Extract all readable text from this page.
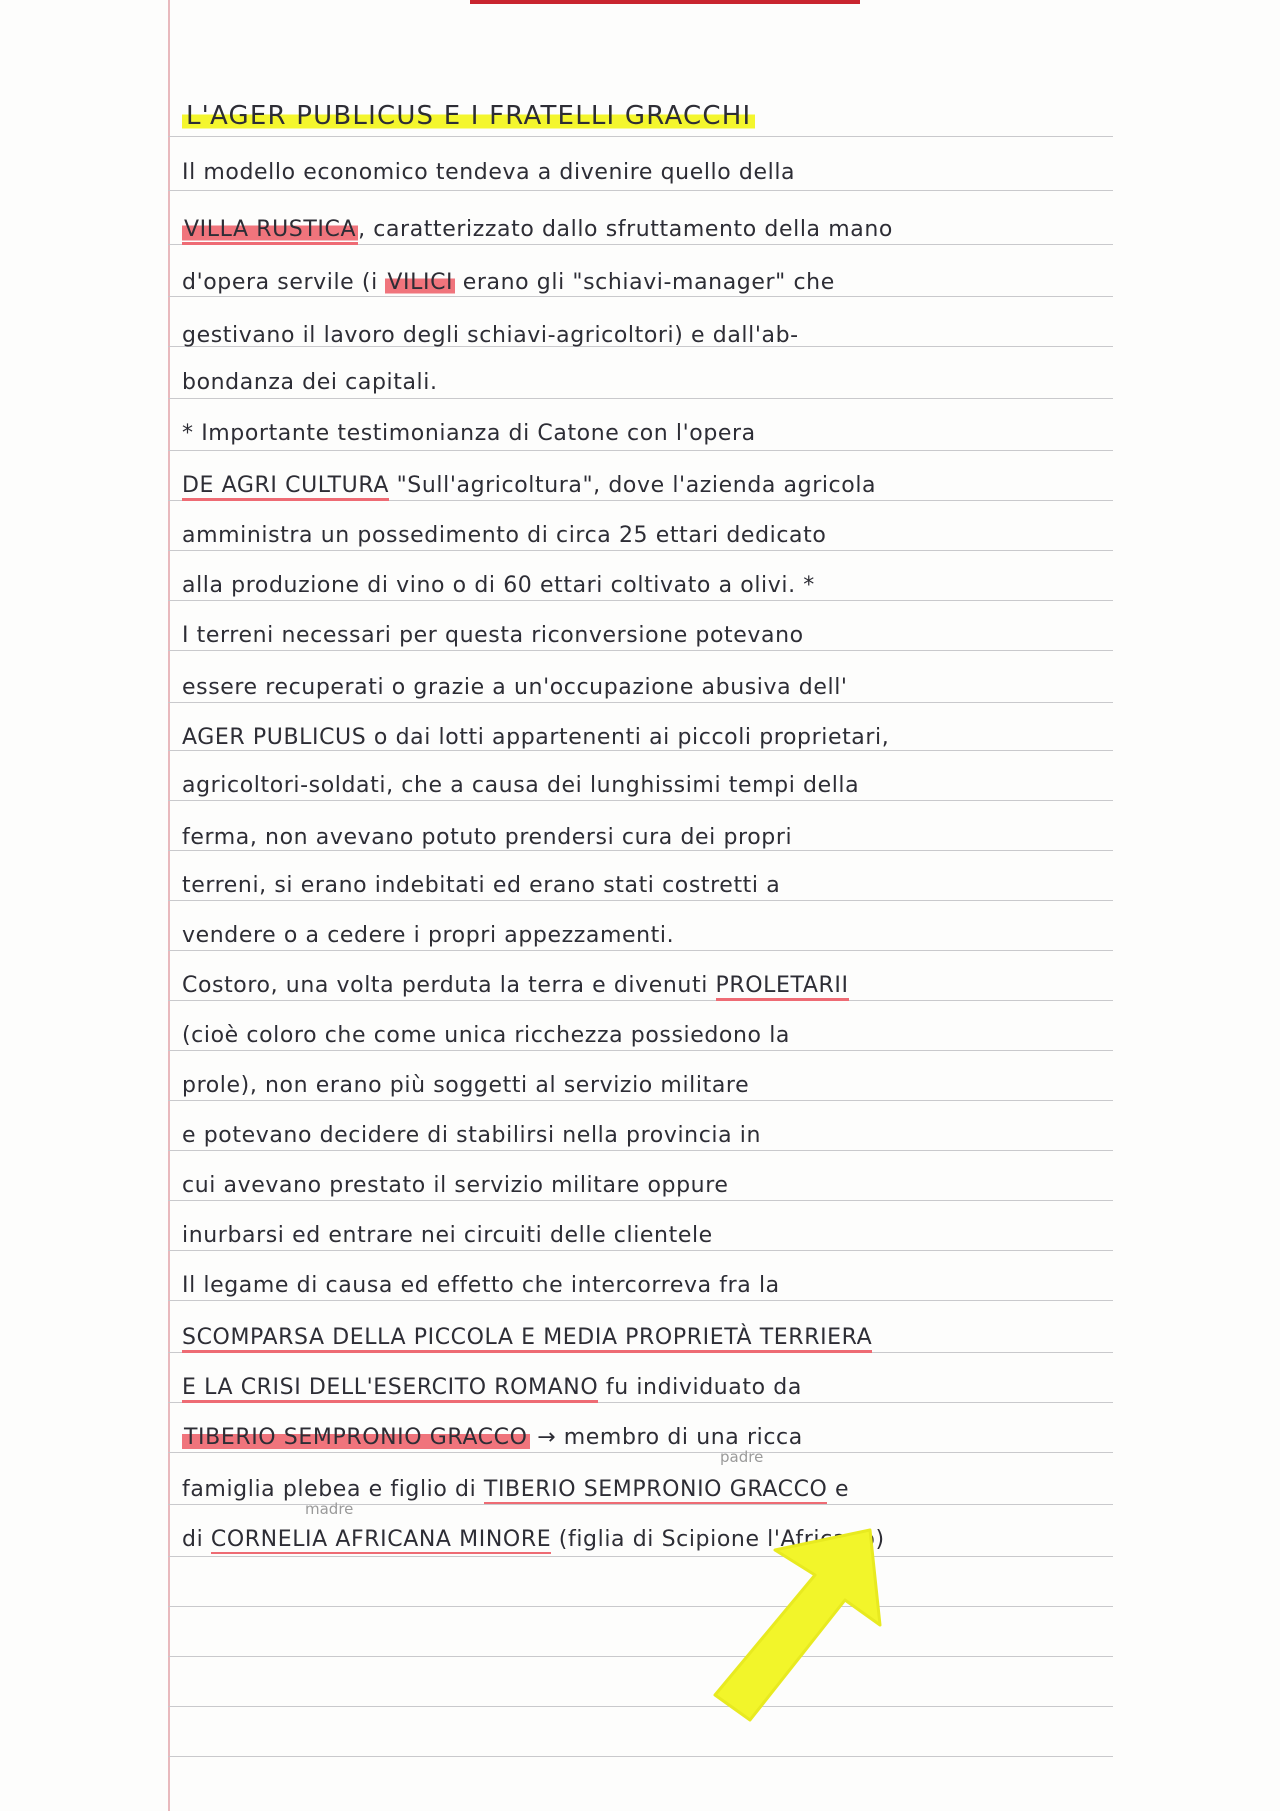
L'AGER PUBLICUS E I FRATELLI GRACCHI
Il modello economico tendeva a divenire quello della
VILLA RUSTICA, caratterizzato dallo sfruttamento della mano
d'opera servile (i VILICI erano gli "schiavi-manager" che
gestivano il lavoro degli schiavi-agricoltori) e dall'ab-
bondanza dei capitali.
* Importante testimonianza di Catone con l'opera
DE AGRI CULTURA "Sull'agricoltura", dove l'azienda agricola
amministra un possedimento di circa 25 ettari dedicato
alla produzione di vino o di 60 ettari coltivato a olivi. *
I terreni necessari per questa riconversione potevano
essere recuperati o grazie a un'occupazione abusiva dell'
AGER PUBLICUS o dai lotti appartenenti ai piccoli proprietari,
agricoltori-soldati, che a causa dei lunghissimi tempi della
ferma, non avevano potuto prendersi cura dei propri
terreni, si erano indebitati ed erano stati costretti a
vendere o a cedere i propri appezzamenti.
Costoro, una volta perduta la terra e divenuti PROLETARII
(cioè coloro che come unica ricchezza possiedono la
prole), non erano più soggetti al servizio militare
e potevano decidere di stabilirsi nella provincia in
cui avevano prestato il servizio militare oppure
inurbarsi ed entrare nei circuiti delle clientele
Il legame di causa ed effetto che intercorreva fra la
SCOMPARSA DELLA PICCOLA E MEDIA PROPRIETÀ TERRIERA
E LA CRISI DELL'ESERCITO ROMANO fu individuato da
TIBERIO SEMPRONIO GRACCO → membro di una ricca
famiglia plebea e figlio di TIBERIO SEMPRONIO GRACCO e
di CORNELIA AFRICANA MINORE (figlia di Scipione l'Africano)
padre
madre
